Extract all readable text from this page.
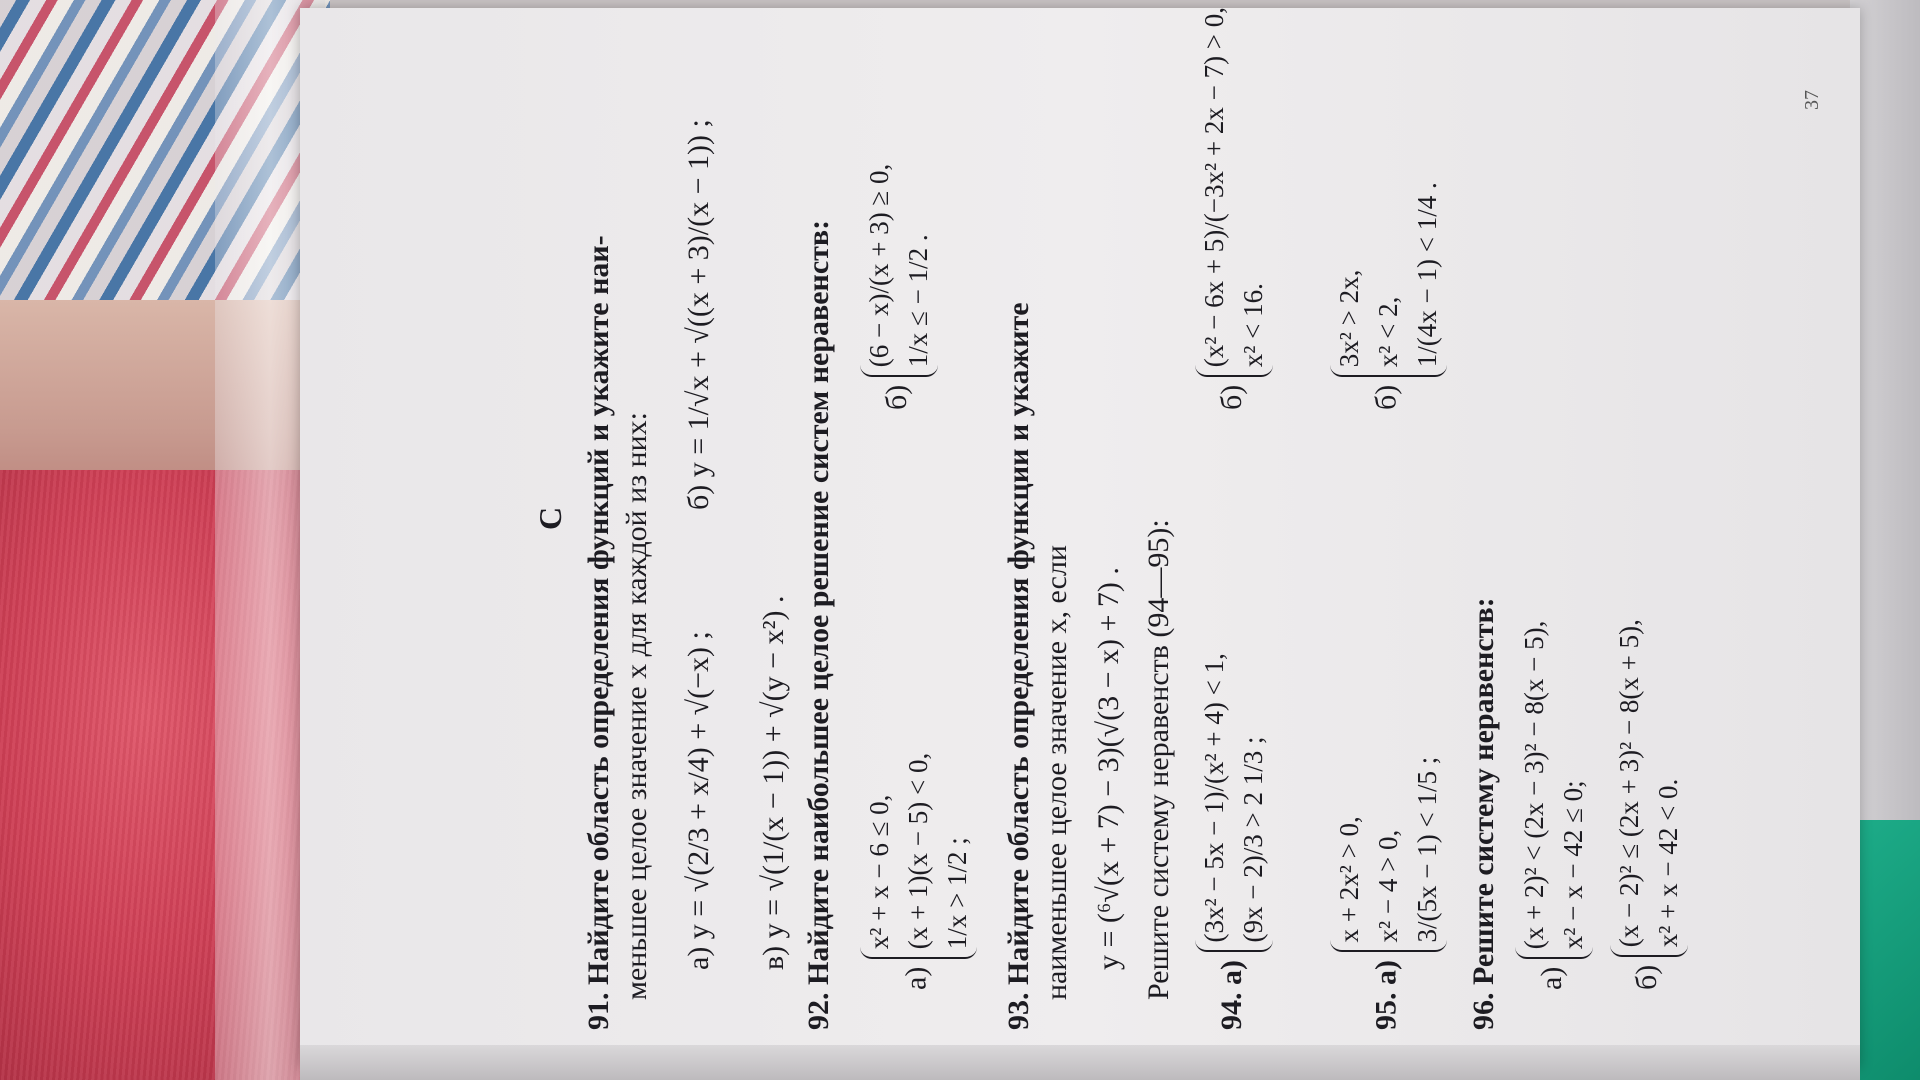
С 91. Найдите область определения функций и укажите наи- меньшее целое значение x для каждой из них: а) y = √(2/3 + x/4) + √(−x) ;
б) y = 1/√x + √((x + 3)/(x − 1)) ;
в) y = √(1/(x − 1)) + √(y − x²) . 92. Найдите наибольшее целое решение систем неравенств:	а)
x² + x − 6 ≤ 0, (x + 1)(x − 5) < 0, 1/x > 1/2 ;
б)
(6 − x)/(x + 3) ≥ 0, 1/x ≤ − 1/2 .
93. Найдите область определения функции и укажите наименьшее целое значение x, если y = (⁶√(x + 7) − 3)(√(3 − x) + 7) . Решите систему неравенств (94—95):	94. а)
(3x² − 5x − 1)/(x² + 4) < 1, (9x − 2)/3 > 2 1/3 ;
б)
(x² − 6x + 5)/(−3x² + 2x − 7) > 0, x² < 16.
95. а)
x + 2x² > 0, x² − 4 > 0, 3/(5x − 1) < 1/5 ;
б)
3x² > 2x, x² < 2, 1/(4x − 1) < 1/4 .
96. Решите систему неравенств:	а)
(x + 2)² < (2x − 3)² − 8(x − 5), x² − x − 42 ≤ 0;
б)
(x − 2)² ≤ (2x + 3)² − 8(x + 5), x² + x − 42 < 0.
37
